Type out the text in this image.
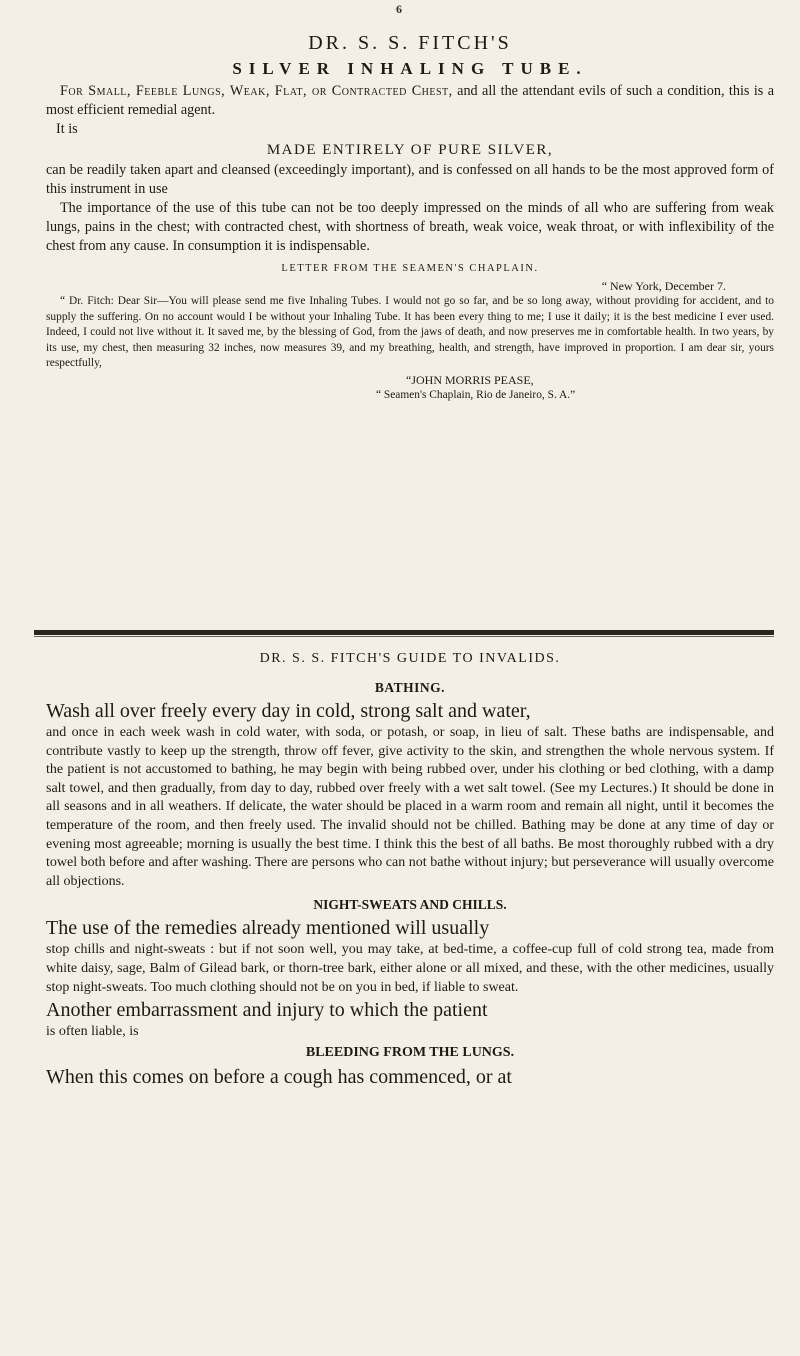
6
DR. S. S. FITCH'S
SILVER INHALING TUBE.

For Small, Feeble Lungs, Weak, Flat, or Contracted Chest, and all the attendant evils of such a condition, this is a most efficient remedial agent.

It is

MADE ENTIRELY OF PURE SILVER,

can be readily taken apart and cleansed (exceedingly important), and is confessed on all hands to be the most approved form of this instrument in use

The importance of the use of this tube can not be too deeply impressed on the minds of all who are suffering from weak lungs, pains in the chest; with contracted chest, with shortness of breath, weak voice, weak throat, or with inflexibility of the chest from any cause. In consumption it is indispensable.

LETTER FROM THE SEAMEN'S CHAPLAIN.
“ New York, December 7.

“ Dr. Fitch: Dear Sir—You will please send me five Inhaling Tubes. I would not go so far, and be so long away, without providing for accident, and to supply the suffering. On no account would I be without your Inhaling Tube. It has been every thing to me; I use it daily; it is the best medicine I ever used. Indeed, I could not live without it. It saved me, by the blessing of God, from the jaws of death, and now preserves me in comfortable health. In two years, by its use, my chest, then measuring 32 inches, now measures 39, and my breathing, health, and strength, have improved in proportion. I am dear sir, yours respectfully,

“JOHN MORRIS PEASE,
“ Seamen's Chaplain, Rio de Janeiro, S. A.”
DR. S. S. FITCH'S GUIDE TO INVALIDS.
BATHING.

Wash all over freely every day in cold, strong salt and water,

and once in each week wash in cold water, with soda, or potash, or soap, in lieu of salt. These baths are indispensable, and contribute vastly to keep up the strength, throw off fever, give activity to the skin, and strengthen the whole nervous system. If the patient is not accustomed to bathing, he may begin with being rubbed over, under his clothing or bed clothing, with a damp salt towel, and then gradually, from day to day, rubbed over freely with a wet salt towel. (See my Lectures.) It should be done in all seasons and in all weathers. If delicate, the water should be placed in a warm room and remain all night, until it becomes the temperature of the room, and then freely used. The invalid should not be chilled. Bathing may be done at any time of day or evening most agreeable; morning is usually the best time. I think this the best of all baths. Be most thoroughly rubbed with a dry towel both before and after washing. There are persons who can not bathe without injury; but perseverance will usually overcome all objections.

NIGHT-SWEATS AND CHILLS.

The use of the remedies already mentioned will usually

stop chills and night-sweats : but if not soon well, you may take, at bed-time, a coffee-cup full of cold strong tea, made from white daisy, sage, Balm of Gilead bark, or thorn-tree bark, either alone or all mixed, and these, with the other medicines, usually stop night-sweats. Too much clothing should not be on you in bed, if liable to sweat.

Another embarrassment and injury to which the patient

is often liable, is

BLEEDING FROM THE LUNGS.

When this comes on before a cough has commenced, or at
